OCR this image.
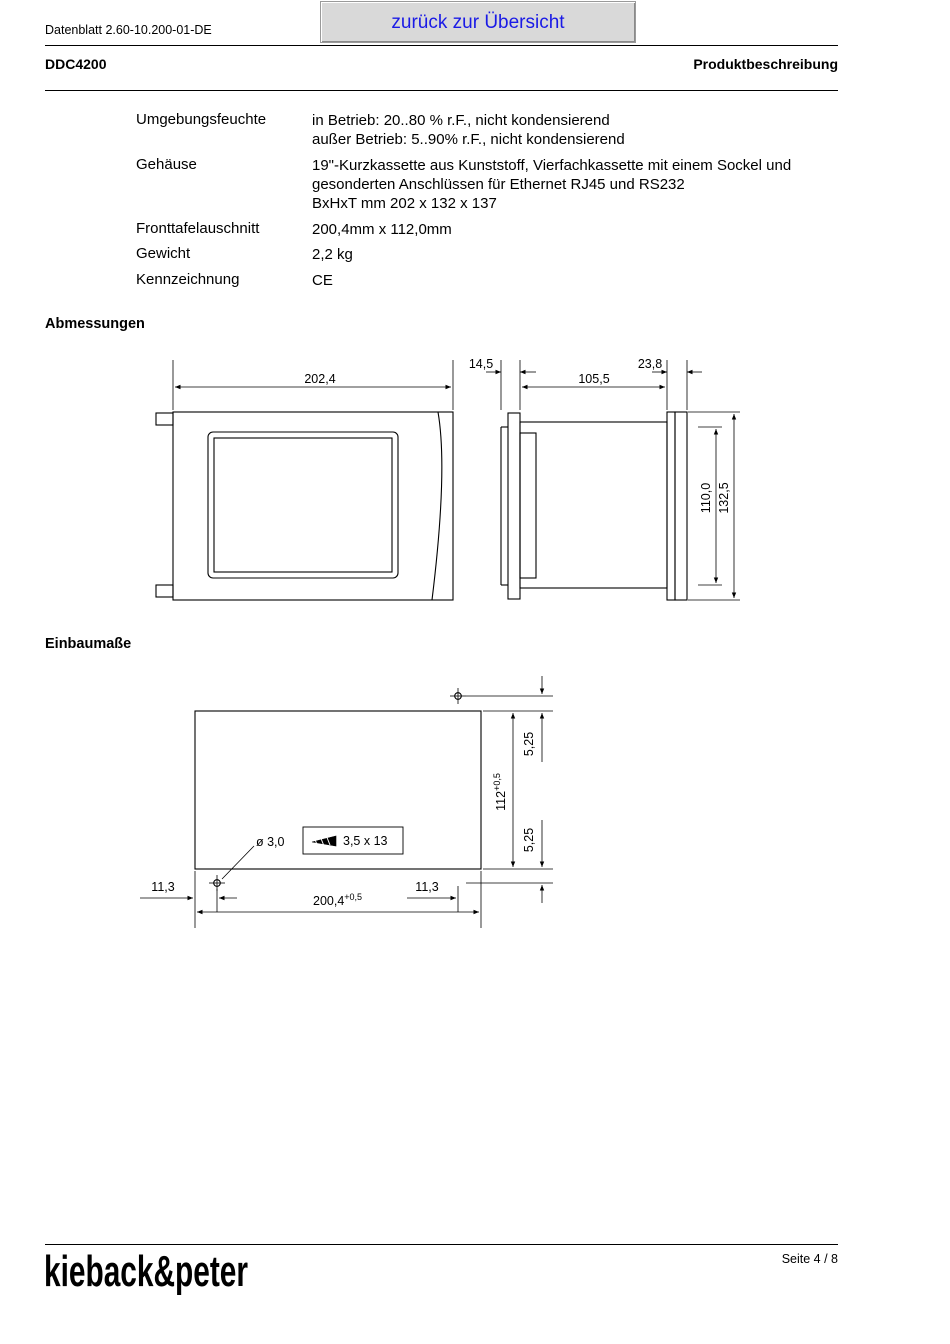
Datenblatt 2.60-10.200-01-DE	zurück zur Übersicht
DDC4200	Produktbeschreibung
Umgebungsfeuchte	in Betrieb: 20..80 % r.F., nicht kondensierend
außer Betrieb: 5..90% r.F., nicht kondensierend
Gehäuse	19"-Kurzkassette aus Kunststoff, Vierfachkassette mit einem Sockel und
gesonderten Anschlüssen für Ethernet RJ45 und RS232
BxHxT mm 202 x 132 x 137
Fronttafelauschnitt	200,4mm x 112,0mm
Gewicht	2,2 kg
Kennzeichnung	CE
Abmessungen
202,4
14,5
105,5
23,8
110,0 132,5
5,25
5,25
$112^{+0,5}$
$200,4^{+0,5}$
11,3	11,3
ø 3,0	3,5 x 13
Einbaumaße
kieback&peter	Seite 4 / 8
